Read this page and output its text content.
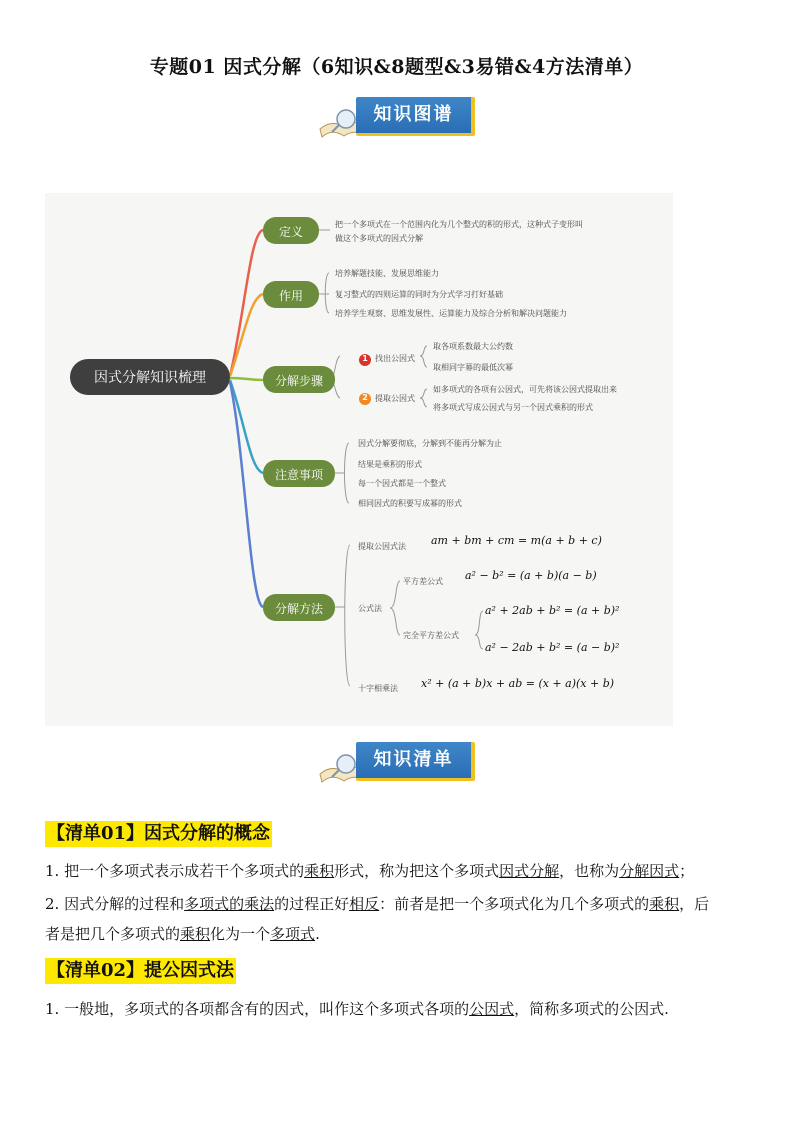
专题01 因式分解（6知识&8题型&3易错&4方法清单）
知识图谱
因式分解知识梳理
定义
把一个多项式在一个范围内化为几个整式的积的形式，这种式子变形叫
做这个多项式的因式分解
作用
培养解题技能、发展思维能力
复习整式的四则运算的同时为分式学习打好基础
培养学生观察、思维发展性、运算能力及综合分析和解决问题能力
分解步骤
1
2
找出公因式
取各项系数最大公约数
取相同字幕的最低次幂
提取公因式
如多项式的各项有公因式，可先将该公因式提取出来
将多项式写成公因式与另一个因式乘积的形式
注意事项
因式分解要彻底，分解到不能再分解为止
结果是乘积的形式
每一个因式都是一个整式
相同因式的积要写成幂的形式
分解方法
提取公因式法 am + bm + cm = m(a + b + c)
公式法
平方差公式 a² − b² = (a + b)(a − b)
完全平方差公式
a² + 2ab + b² = (a + b)²
a² − 2ab + b² = (a − b)²
十字相乘法 x² + (a + b)x + ab = (x + a)(x + b)
知识清单
【清单01】因式分解的概念
1. 把一个多项式表示成若干个多项式的乘积形式，称为把这个多项式因式分解，也称为分解因式；
2. 因式分解的过程和多项式的乘法的过程正好相反：前者是把一个多项式化为几个多项式的乘积，后
者是把几个多项式的乘积化为一个多项式.
【清单02】提公因式法
1. 一般地，多项式的各项都含有的因式，叫作这个多项式各项的公因式，简称多项式的公因式.
